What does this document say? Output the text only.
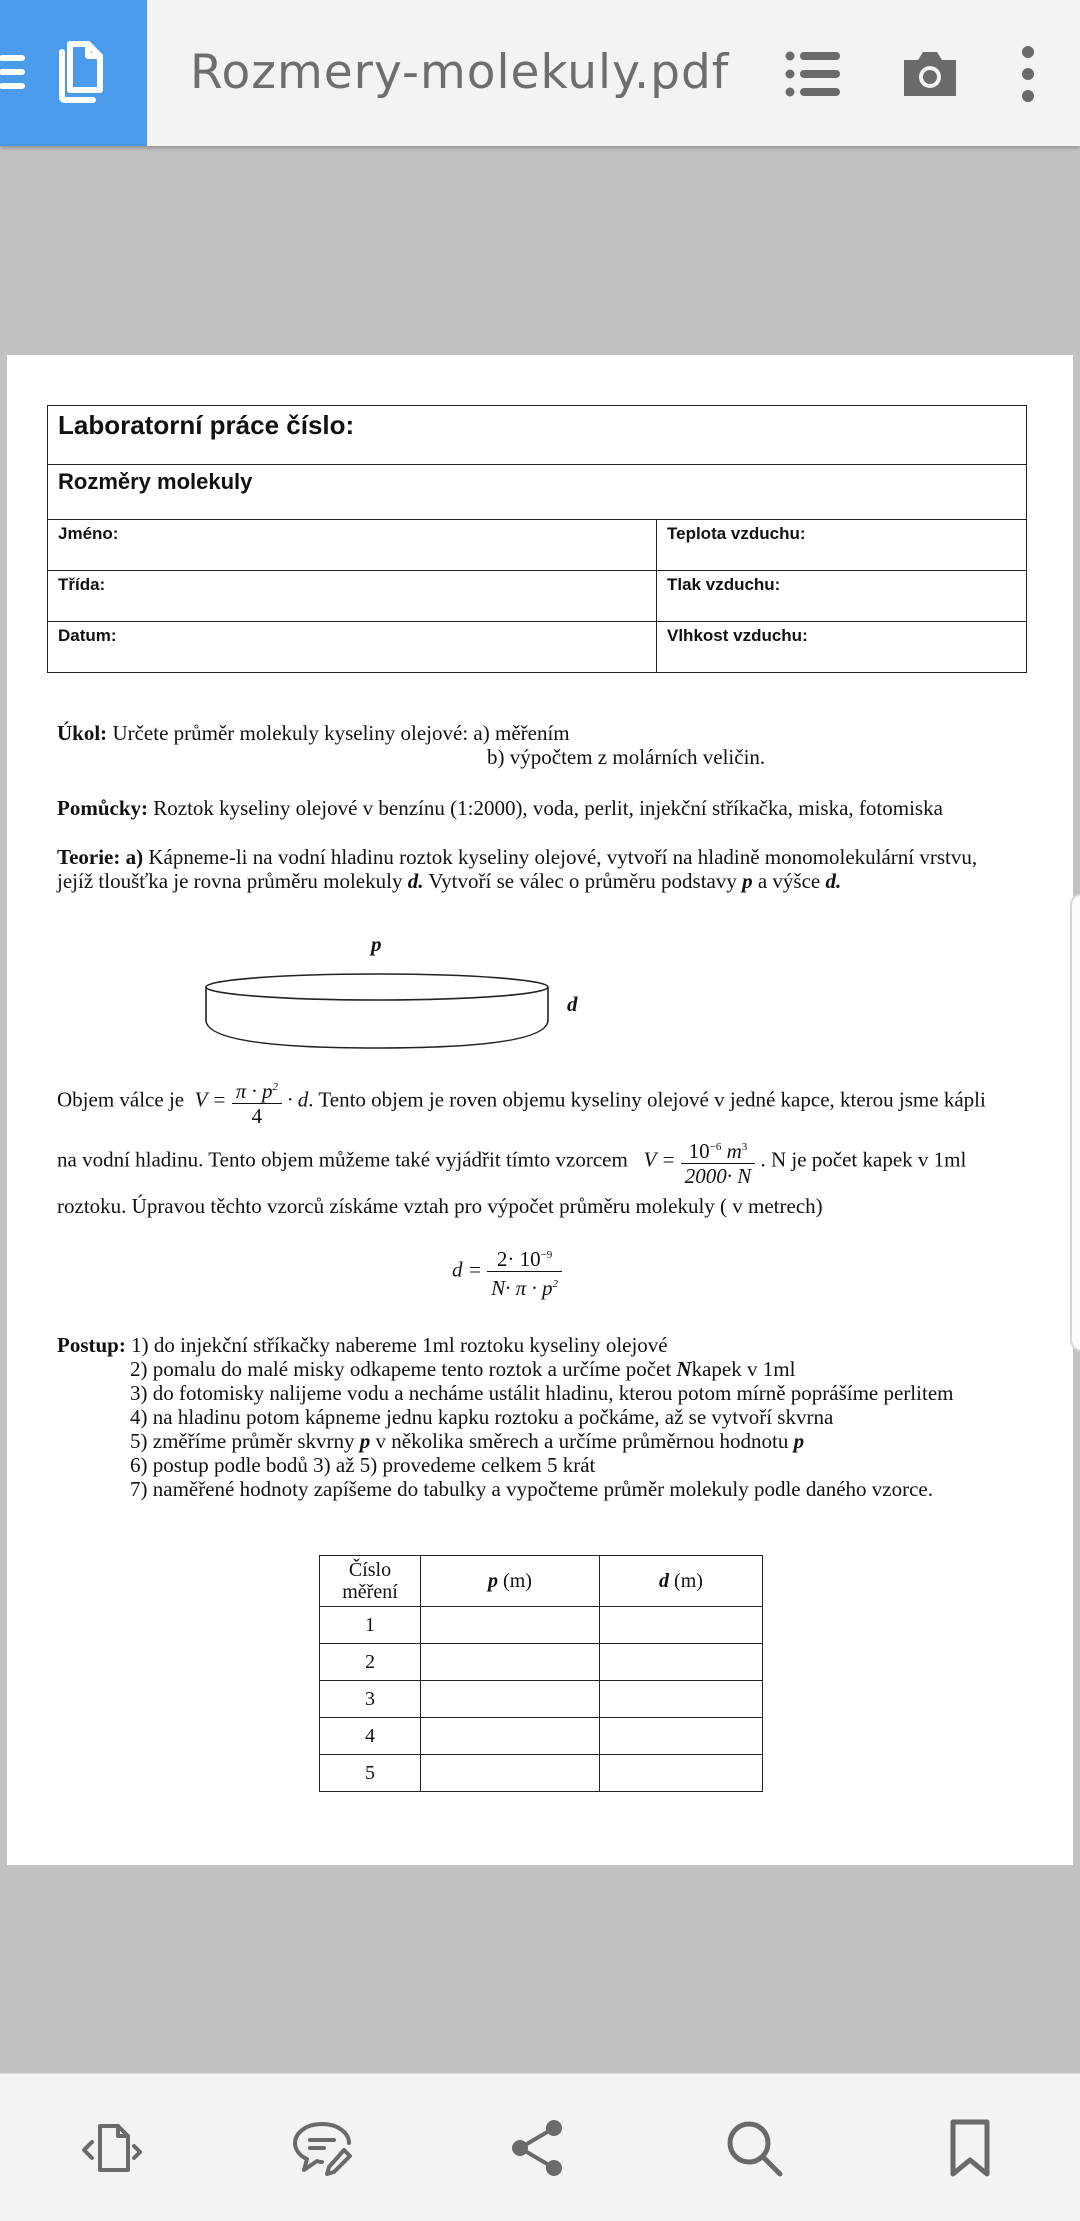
Rozmery-molekuly.pdf
Laboratorní práce číslo:	
Rozměry molekuly	
Jméno:	Teplota vzduchu:
Třída:	Tlak vzduchu:
Datum:	Vlhkost vzduchu:
Úkol: Určete průměr molekuly kyseliny olejové: a) měřením
b) výpočtem z molárních veličin.
Pomůcky: Roztok kyseliny olejové v benzínu (1:2000), voda, perlit, injekční stříkačka, miska, fotomiska
Teorie: a) Kápneme-li na vodní hladinu roztok kyseliny olejové, vytvoří na hladině monomolekulární vrstvu,
jejíž tloušťka je rovna průměru molekuly d. Vytvoří se válec o průměru podstavy p a výšce d.
p
d
Objem válce je $V = \frac{\pi \cdot p^2}{4} \cdot d$. Tento objem je roven objemu kyseliny olejové v jedné kapce, kterou jsme kápli
na vodní hladinu. Tento objem můžeme také vyjádřit tímto vzorcem $V = \frac{10^{-6} m^3}{2000\cdot N}$ . N je počet kapek v 1ml
roztoku. Úpravou těchto vzorců získáme vztah pro výpočet průměru molekuly ( v metrech)
$d = \frac{2\cdot 10^{-9}}{N\cdot \pi \cdot p^2}$
Postup: 1) do injekční stříkačky nabereme 1ml roztoku kyseliny olejové
2) pomalu do malé misky odkapeme tento roztok a určíme počet Nkapek v 1ml
3) do fotomisky nalijeme vodu a necháme ustálit hladinu, kterou potom mírně poprášíme perlitem
4) na hladinu potom kápneme jednu kapku roztoku a počkáme, až se vytvoří skvrna
5) změříme průměr skvrny p v několika směrech a určíme průměrnou hodnotu p
6) postup podle bodů 3) až 5) provedeme celkem 5 krát
7) naměřené hodnoty zapíšeme do tabulky a vypočteme průměr molekuly podle daného vzorce.
Číslo
měření	p (m)	d (m)
1		
2		
3		
4		
5		
